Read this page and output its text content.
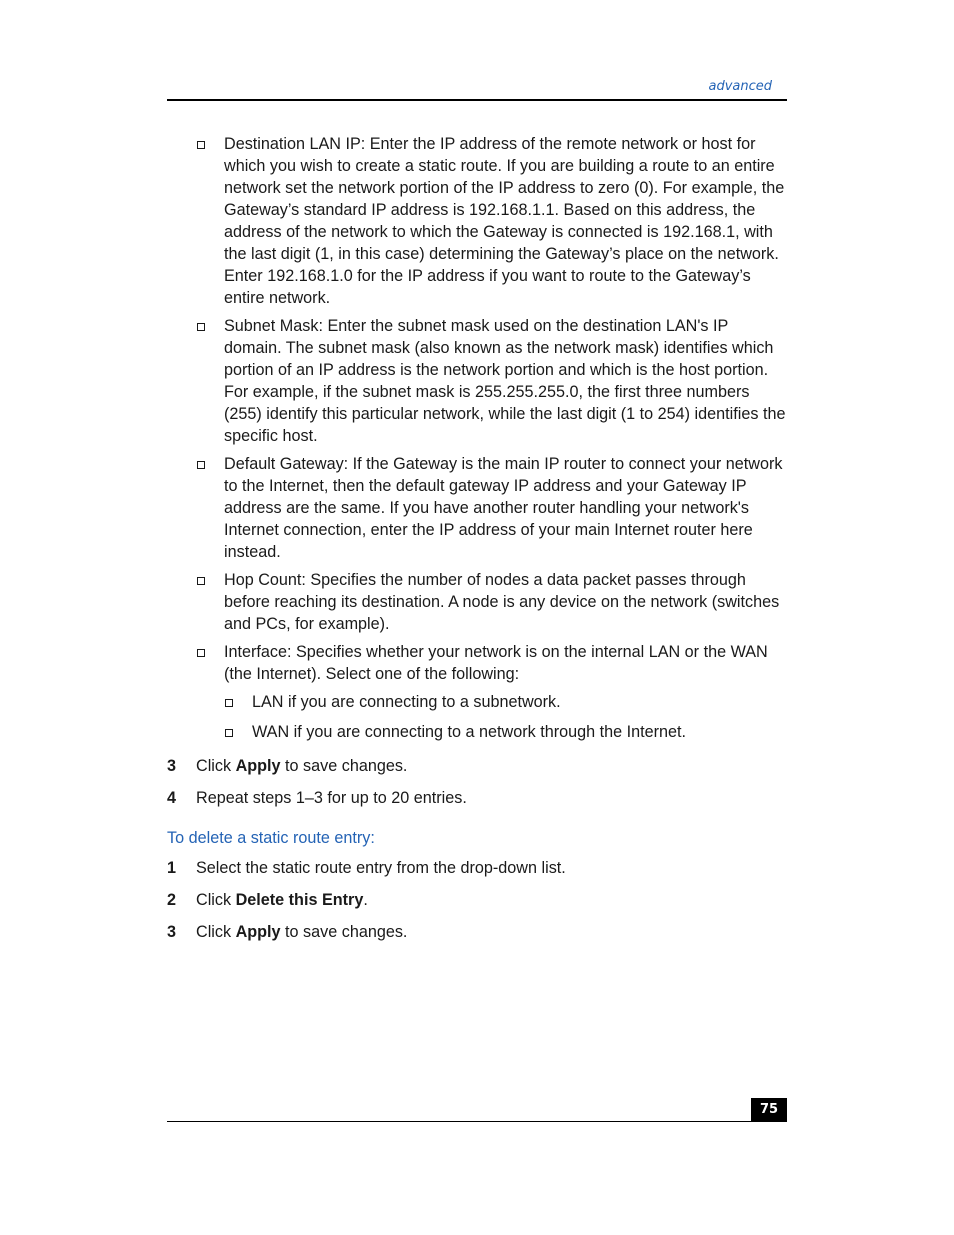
advanced
Destination LAN IP: Enter the IP address of the remote network or host for which you wish to create a static route. If you are building a route to an entire network set the network portion of the IP address to zero (0). For example, the Gateway’s standard IP address is 192.168.1.1. Based on this address, the address of the network to which the Gateway is connected is 192.168.1, with the last digit (1, in this case) determining the Gateway’s place on the network. Enter 192.168.1.0 for the IP address if you want to route to the Gateway’s entire network.
Subnet Mask: Enter the subnet mask used on the destination LAN's IP domain. The subnet mask (also known as the network mask) identifies which portion of an IP address is the network portion and which is the host portion. For example, if the subnet mask is 255.255.255.0, the first three numbers (255) identify this particular network, while the last digit (1 to 254) identifies the specific host.
Default Gateway: If the Gateway is the main IP router to connect your network to the Internet, then the default gateway IP address and your Gateway IP address are the same. If you have another router handling your network's Internet connection, enter the IP address of your main Internet router here instead.
Hop Count: Specifies the number of nodes a data packet passes through before reaching its destination. A node is any device on the network (switches and PCs, for example).
Interface: Specifies whether your network is on the internal LAN or the WAN (the Internet). Select one of the following:
LAN if you are connecting to a subnetwork.
WAN if you are connecting to a network through the Internet.
3 Click Apply to save changes.
4 Repeat steps 1–3 for up to 20 entries.
To delete a static route entry:
1 Select the static route entry from the drop-down list.
2 Click Delete this Entry.
3 Click Apply to save changes.
75
